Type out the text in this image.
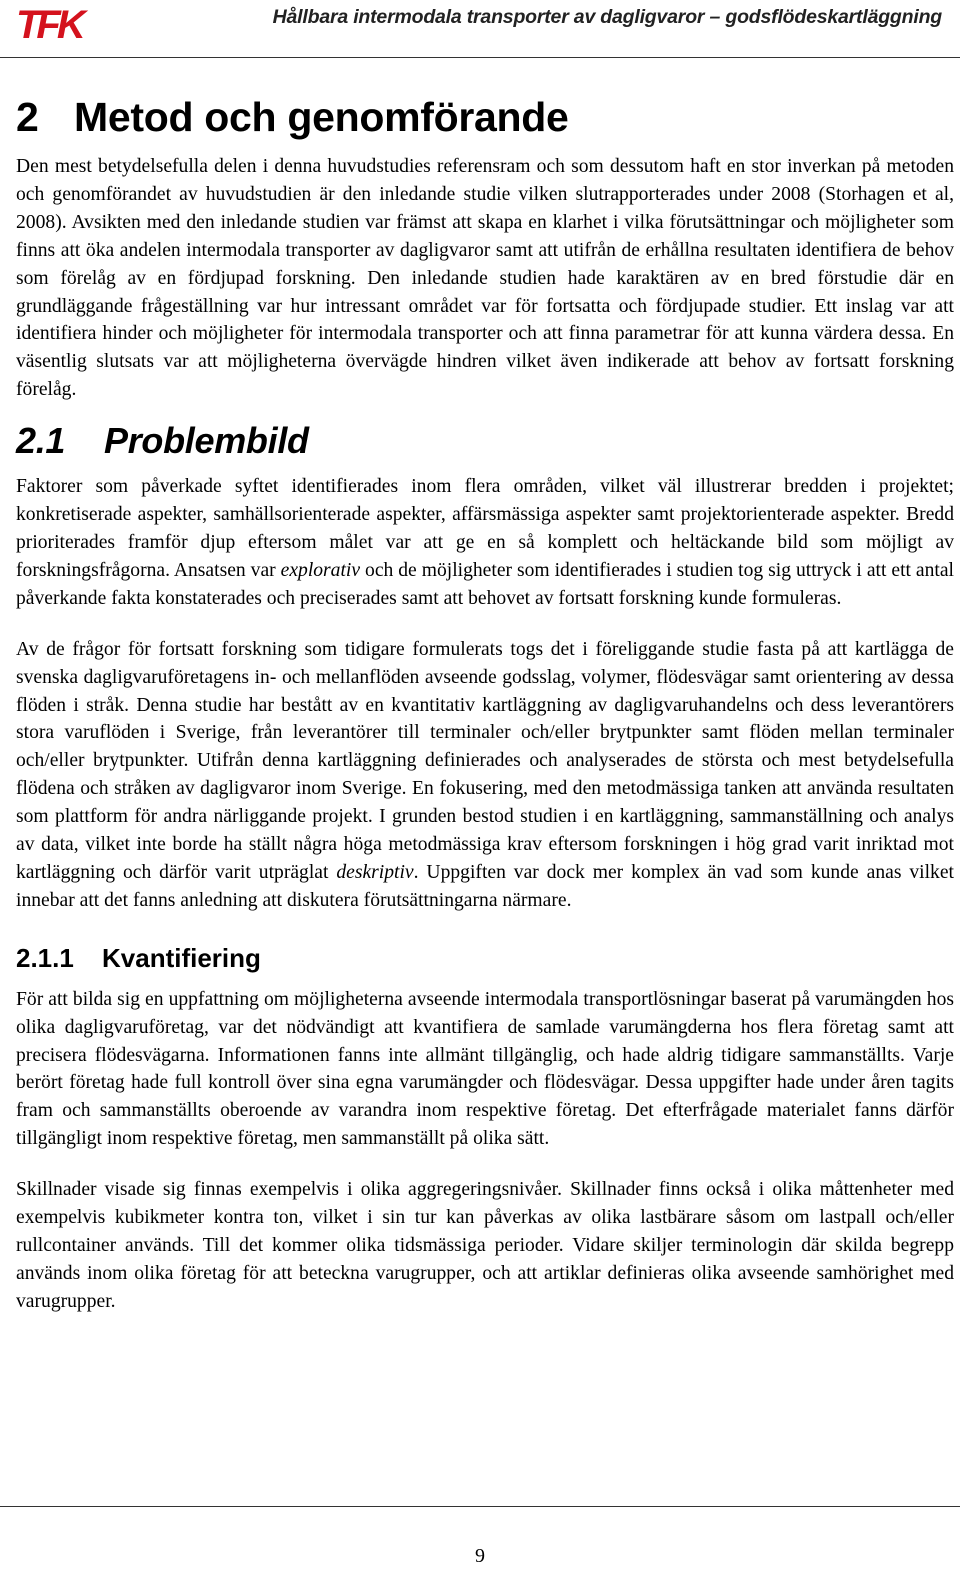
TFK	Hållbara intermodala transporter av dagligvaror – godsflödeskartläggning
2 Metod och genomförande

Den mest betydelsefulla delen i denna huvudstudies referensram och som dessutom haft en stor inverkan på metoden och genomförandet av huvudstudien är den inledande studie vilken slutrapporterades under 2008 (Storhagen et al, 2008). Avsikten med den inledande studien var främst att skapa en klarhet i vilka förutsättningar och möjligheter som finns att öka andelen intermodala transporter av dagligvaror samt att utifrån de erhållna resultaten identifiera de behov som förelåg av en fördjupad forskning. Den inledande studien hade karaktären av en bred förstudie där en grundläggande frågeställning var hur intressant området var för fortsatta och fördjupade studier. Ett inslag var att identifiera hinder och möjligheter för intermodala transporter och att finna parametrar för att kunna värdera dessa. En väsentlig slutsats var att möjligheterna övervägde hindren vilket även indikerade att behov av fortsatt forskning förelåg.

2.1 Problembild

Faktorer som påverkade syftet identifierades inom flera områden, vilket väl illustrerar bredden i projektet; konkretiserade aspekter, samhällsorienterade aspekter, affärsmässiga aspekter samt projektorienterade aspekter. Bredd prioriterades framför djup eftersom målet var att ge en så komplett och heltäckande bild som möjligt av forskningsfrågorna. Ansatsen var explorativ och de möjligheter som identifierades i studien tog sig uttryck i att ett antal påverkande fakta konstaterades och preciserades samt att behovet av fortsatt forskning kunde formuleras.

Av de frågor för fortsatt forskning som tidigare formulerats togs det i föreliggande studie fasta på att kartlägga de svenska dagligvaruföretagens in- och mellanflöden avseende godsslag, volymer, flödesvägar samt orientering av dessa flöden i stråk. Denna studie har bestått av en kvantitativ kartläggning av dagligvaruhandelns och dess leverantörers stora varuflöden i Sverige, från leverantörer till terminaler och/eller brytpunkter samt flöden mellan terminaler och/eller brytpunkter. Utifrån denna kartläggning definierades och analyserades de största och mest betydelsefulla flödena och stråken av dagligvaror inom Sverige. En fokusering, med den metodmässiga tanken att använda resultaten som plattform för andra närliggande projekt. I grunden bestod studien i en kartläggning, sammanställning och analys av data, vilket inte borde ha ställt några höga metodmässiga krav eftersom forskningen i hög grad varit inriktad mot kartläggning och därför varit utpräglat deskriptiv. Uppgiften var dock mer komplex än vad som kunde anas vilket innebar att det fanns anledning att diskutera förutsättningarna närmare.

2.1.1 Kvantifiering

För att bilda sig en uppfattning om möjligheterna avseende intermodala transportlösningar baserat på varumängden hos olika dagligvaruföretag, var det nödvändigt att kvantifiera de samlade varumängderna hos flera företag samt att precisera flödesvägarna. Informationen fanns inte allmänt tillgänglig, och hade aldrig tidigare sammanställts. Varje berört företag hade full kontroll över sina egna varumängder och flödesvägar. Dessa uppgifter hade under åren tagits fram och sammanställts oberoende av varandra inom respektive företag. Det efterfrågade materialet fanns därför tillgängligt inom respektive företag, men sammanställt på olika sätt.

Skillnader visade sig finnas exempelvis i olika aggregeringsnivåer. Skillnader finns också i olika måttenheter med exempelvis kubikmeter kontra ton, vilket i sin tur kan påverkas av olika lastbärare såsom om lastpall och/eller rullcontainer används. Till det kommer olika tidsmässiga perioder. Vidare skiljer terminologin där skilda begrepp används inom olika företag för att beteckna varugrupper, och att artiklar definieras olika avseende samhörighet med varugrupper.

9
